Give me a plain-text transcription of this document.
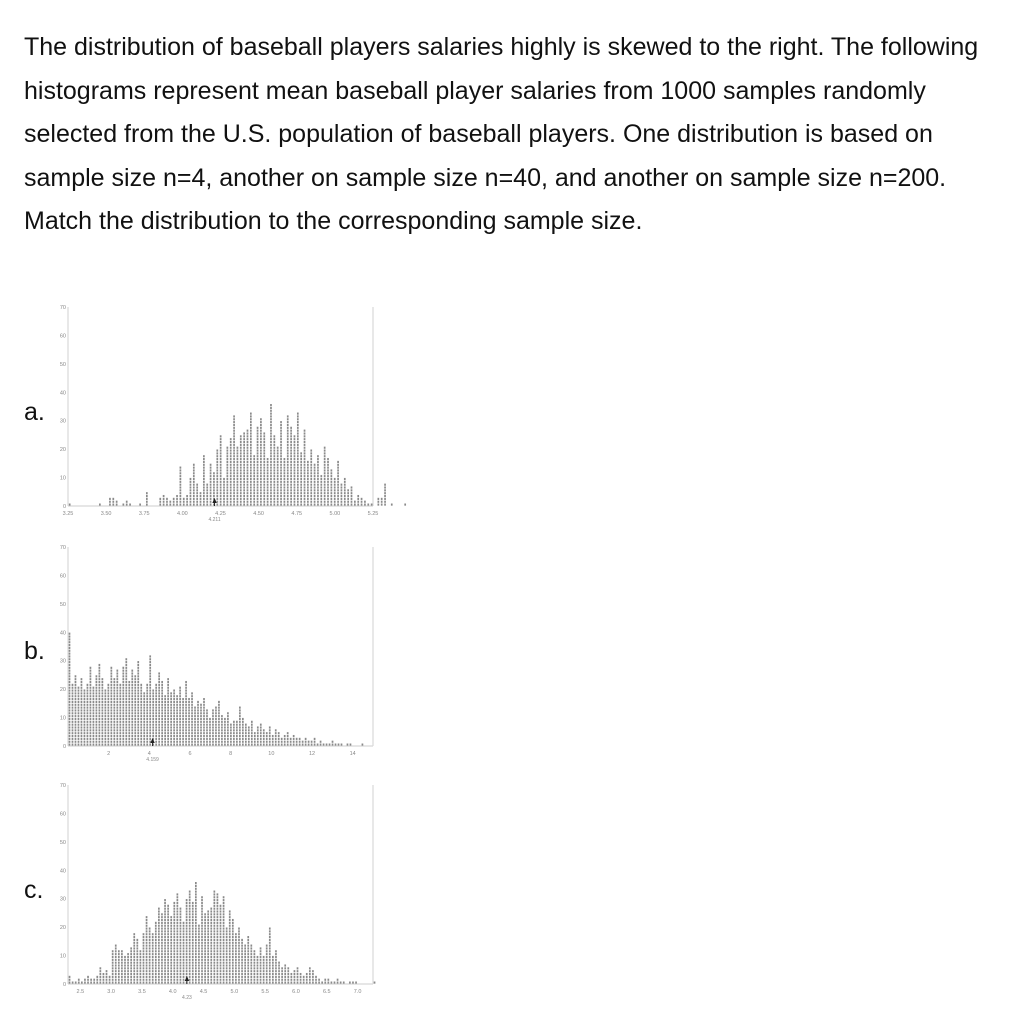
The distribution of baseball players salaries highly is skewed to the right. The following histograms represent mean baseball player salaries from 1000 samples randomly selected from the U.S. population of baseball players. One distribution is based on sample size n=4, another on sample size n=40, and another on sample size n=200. Match the distribution to the corresponding sample size.

a.
0
10
20
30
40
50
60
70
3.25	3.50	3.75	4.00	4.25	4.50	4.75	5.00	5.25
4.211
b.
0
10
20
30
40
50
60
70
2	4	6	8	10	12	14
4.159
c.
0
10
20
30
40
50
60
70
2.5	3.0	3.5	4.0	4.5	5.0	5.5	6.0	6.5	7.0
4.23
